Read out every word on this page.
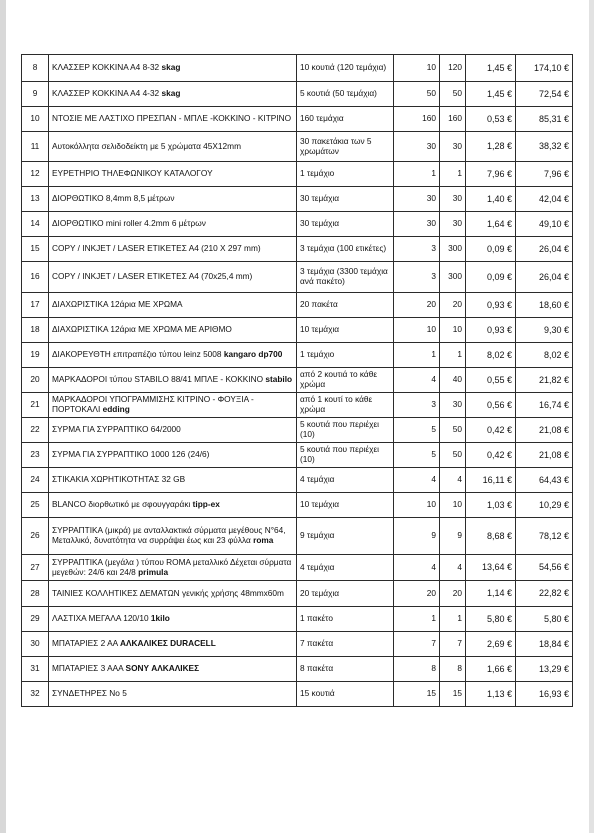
8	ΚΛΑΣΣΕΡ ΚΟΚΚΙΝΑ Α4 8-32 skag	10 κουτιά (120 τεμάχια)	10	120	1,45 €	174,10 €
9	ΚΛΑΣΣΕΡ ΚΟΚΚΙΝΑ Α4 4-32 skag	5 κουτιά (50 τεμάχια)	50	50	1,45 €	72,54 €
10	ΝΤΟΣΙΕ ΜΕ ΛΑΣΤΙΧΟ ΠΡΕΣΠΑΝ - ΜΠΛΕ -ΚΟΚΚΙΝΟ - ΚΙΤΡΙΝΟ	160 τεμάχια	160	160	0,53 €	85,31 €
11	Αυτοκόλλητα σελιδοδείκτη με 5 χρώματα 45Χ12mm	30 πακετάκια των 5 χρωμάτων	30	30	1,28 €	38,32 €
12	ΕΥΡΕΤΗΡΙΟ ΤΗΛΕΦΩΝΙΚΟΥ ΚΑΤΑΛΟΓΟΥ	1 τεμάχιο	1	1	7,96 €	7,96 €
13	ΔΙΟΡΘΩΤΙΚΟ 8,4mm 8,5 μέτρων	30 τεμάχια	30	30	1,40 €	42,04 €
14	ΔΙΟΡΘΩΤΙΚΟ mini roller 4.2mm 6 μέτρων	30 τεμάχια	30	30	1,64 €	49,10 €
15	COPY / INKJET / LASER ΕΤΙΚΕΤΕΣ Α4 (210 Χ 297 mm)	3 τεμάχια (100 ετικέτες)	3	300	0,09 €	26,04 €
16	COPY / INKJET / LASER ΕΤΙΚΕΤΕΣ Α4 (70x25,4 mm)	3 τεμάχια (3300 τεμάχια ανά πακέτο)	3	300	0,09 €	26,04 €
17	ΔΙΑΧΩΡΙΣΤΙΚΑ 12άρια ΜΕ ΧΡΩΜΑ	20 πακέτα	20	20	0,93 €	18,60 €
18	ΔΙΑΧΩΡΙΣΤΙΚΑ 12άρια ΜΕ ΧΡΩΜΑ ΜΕ ΑΡΙΘΜΟ	10 τεμάχια	10	10	0,93 €	9,30 €
19	ΔΙΑΚΟΡΕΥΘΤΗ επιτραπέζιο τύπου leinz 5008 kangaro dp700	1 τεμάχιο	1	1	8,02 €	8,02 €
20	ΜΑΡΚΑΔΟΡΟΙ τύπου STABILO 88/41 ΜΠΛΕ - ΚΟΚΚΙΝΟ stabilo	από 2 κουτιά το κάθε χρώμα	4	40	0,55 €	21,82 €
21	ΜΑΡΚΑΔΟΡΟΙ ΥΠΟΓΡΑΜΜΙΣΗΣ ΚΙΤΡΙΝΟ - ΦΟΥΞΙΑ - ΠΟΡΤΟΚΑΛΙ edding	από 1 κουτί το κάθε χρώμα	3	30	0,56 €	16,74 €
22	ΣΥΡΜΑ ΓΙΑ ΣΥΡΡΑΠΤΙΚΟ 64/2000	5 κουτιά που περιέχει (10)	5	50	0,42 €	21,08 €
23	ΣΥΡΜΑ ΓΙΑ ΣΥΡΡΑΠΤΙΚΟ 1000 126 (24/6)	5 κουτιά που περιέχει (10)	5	50	0,42 €	21,08 €
24	ΣΤΙΚΑΚΙΑ ΧΩΡΗΤΙΚΟΤΗΤΑΣ 32 GB	4 τεμάχια	4	4	16,11 €	64,43 €
25	BLANCO διορθωτικό με σφουγγαράκι tipp-ex	10 τεμάχια	10	10	1,03 €	10,29 €
26	ΣΥΡΡΑΠΤΙΚΑ (μικρά) με ανταλλακτικά σύρματα μεγέθους Ν°64, Μεταλλικό, δυνατότητα να συρράψει έως και 23 φύλλα roma	9 τεμάχια	9	9	8,68 €	78,12 €
27	ΣΥΡΡΑΠΤΙΚΑ (μεγάλα ) τύπου ROMA μεταλλικό Δέχεται σύρματα μεγεθών: 24/6 και 24/8 primula	4 τεμάχια	4	4	13,64 €	54,56 €
28	ΤΑΙΝΙΕΣ ΚΟΛΛΗΤΙΚΕΣ ΔΕΜΑΤΩΝ γενικής χρήσης 48mmx60m	20 τεμάχια	20	20	1,14 €	22,82 €
29	ΛΑΣΤΙΧΑ ΜΕΓΑΛΑ 120/10 1kilo	1 πακέτο	1	1	5,80 €	5,80 €
30	ΜΠΑΤΑΡΙΕΣ 2 ΑΑ ΑΛΚΑΛΙΚΕΣ DURACELL	7 πακέτα	7	7	2,69 €	18,84 €
31	ΜΠΑΤΑΡΙΕΣ 3 ΑΑΑ SONY ΑΛΚΑΛΙΚΕΣ	8 πακέτα	8	8	1,66 €	13,29 €
32	ΣΥΝΔΕΤΗΡΕΣ Νο 5	15 κουτιά	15	15	1,13 €	16,93 €
